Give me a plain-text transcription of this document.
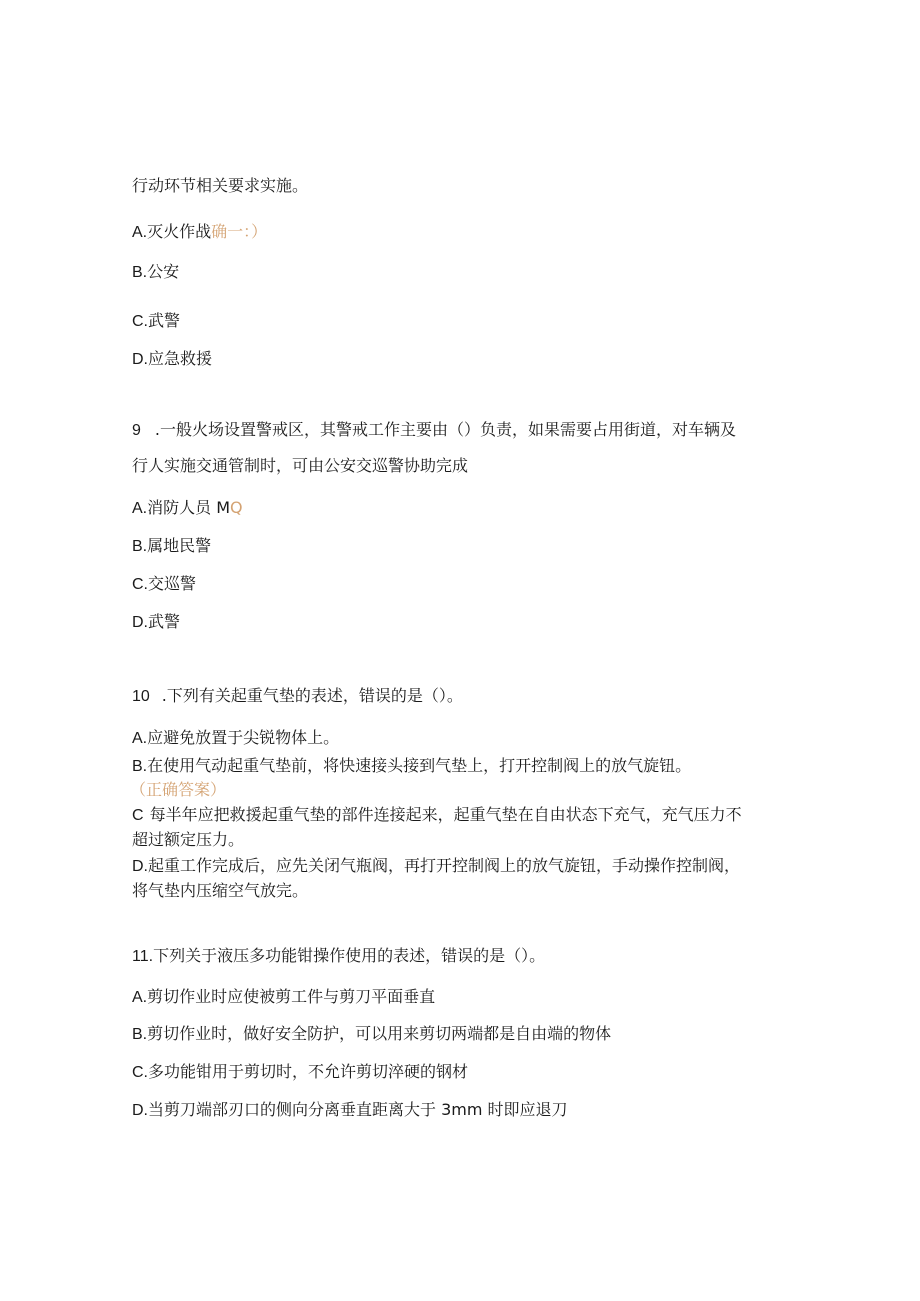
行动环节相关要求实施。
A.灭火作战确一：）
B.公安
C.武警
D.应急救援
9 .一般火场设置警戒区，其警戒工作主要由（）负责，如果需要占用街道，对车辆及
行人实施交通管制时，可由公安交巡警协助完成
A.消防人员 MQ
B.属地民警
C.交巡警
D.武警
10 .下列有关起重气垫的表述，错误的是（）。
A.应避免放置于尖锐物体上。
B.在使用气动起重气垫前，将快速接头接到气垫上，打开控制阀上的放气旋钮。
（正确答案）
C 每半年应把救援起重气垫的部件连接起来，起重气垫在自由状态下充气，充气压力不
超过额定压力。
D.起重工作完成后，应先关闭气瓶阀，再打开控制阀上的放气旋钮，手动操作控制阀，
将气垫内压缩空气放完。
11.下列关于液压多功能钳操作使用的表述，错误的是（）。
A.剪切作业时应使被剪工件与剪刀平面垂直
B.剪切作业时，做好安全防护，可以用来剪切两端都是自由端的物体
C.多功能钳用于剪切时，不允许剪切淬硬的钢材
D.当剪刀端部刃口的侧向分离垂直距离大于 3mm 时即应退刀
